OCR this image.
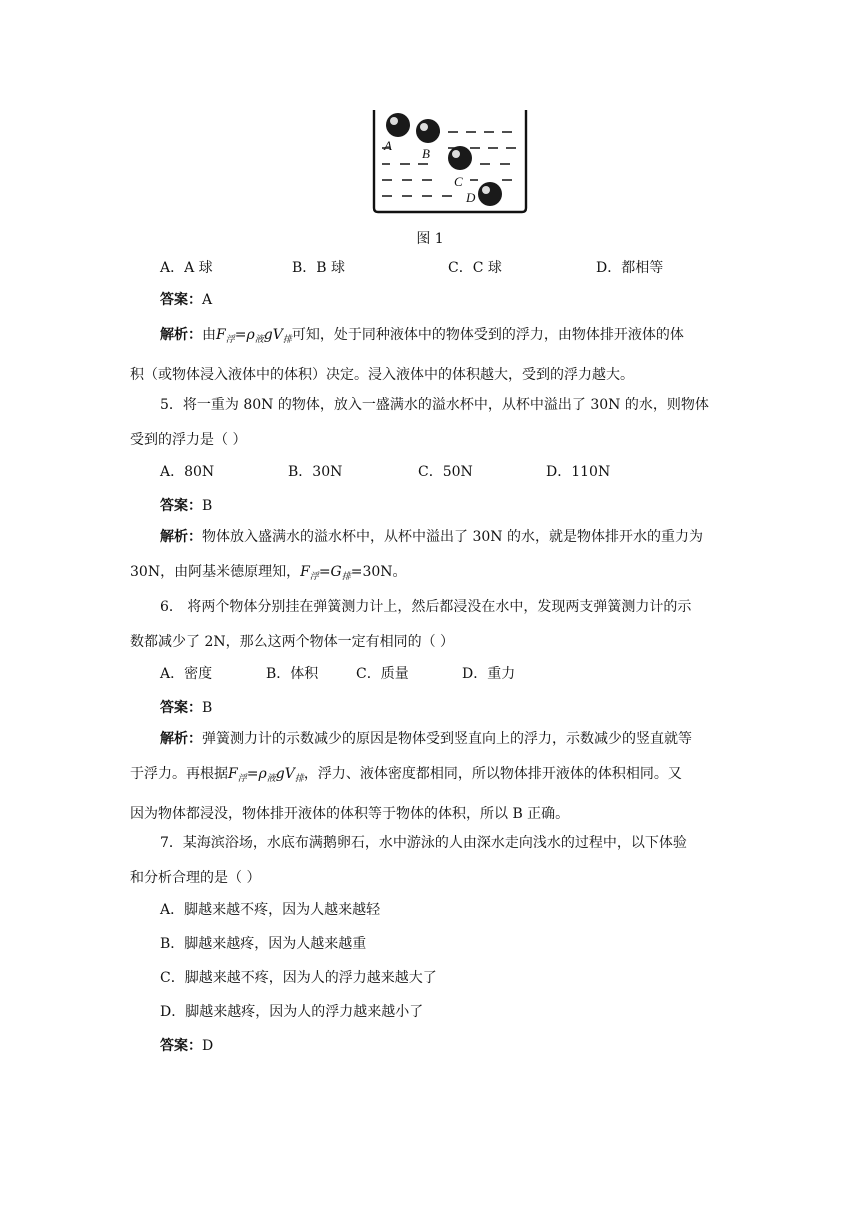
A
B
C
D
图 1
A．A 球	B．B 球	C．C 球	D．都相等
答案：A
解析：由$F_浮=\rho_液gV_排$可知，处于同种液体中的物体受到的浮力，由物体排开液体的体
积（或物体浸入液体中的体积）决定。浸入液体中的体积越大，受到的浮力越大。
5．将一重为 80N 的物体，放入一盛满水的溢水杯中，从杯中溢出了 30N 的水，则物体
受到的浮力是（ ）
A．80N	B．30N	C．50N	D．110N
答案：B
解析：物体放入盛满水的溢水杯中，从杯中溢出了 30N 的水，就是物体排开水的重力为
30N，由阿基米德原理知，$F_浮=G_排=30N$。
6． 将两个物体分别挂在弹簧测力计上，然后都浸没在水中，发现两支弹簧测力计的示
数都减少了 2N，那么这两个物体一定有相同的（ ）
A．密度	B．体积	C．质量	D．重力
答案：B
解析：弹簧测力计的示数减少的原因是物体受到竖直向上的浮力，示数减少的竖直就等
于浮力。再根据$F_浮=\rho_液gV_排$，浮力、液体密度都相同，所以物体排开液体的体积相同。又
因为物体都浸没，物体排开液体的体积等于物体的体积，所以 B 正确。
7．某海滨浴场，水底布满鹅卵石，水中游泳的人由深水走向浅水的过程中，以下体验
和分析合理的是（ ）
A．脚越来越不疼，因为人越来越轻
B．脚越来越疼，因为人越来越重
C．脚越来越不疼，因为人的浮力越来越大了
D．脚越来越疼，因为人的浮力越来越小了
答案：D
